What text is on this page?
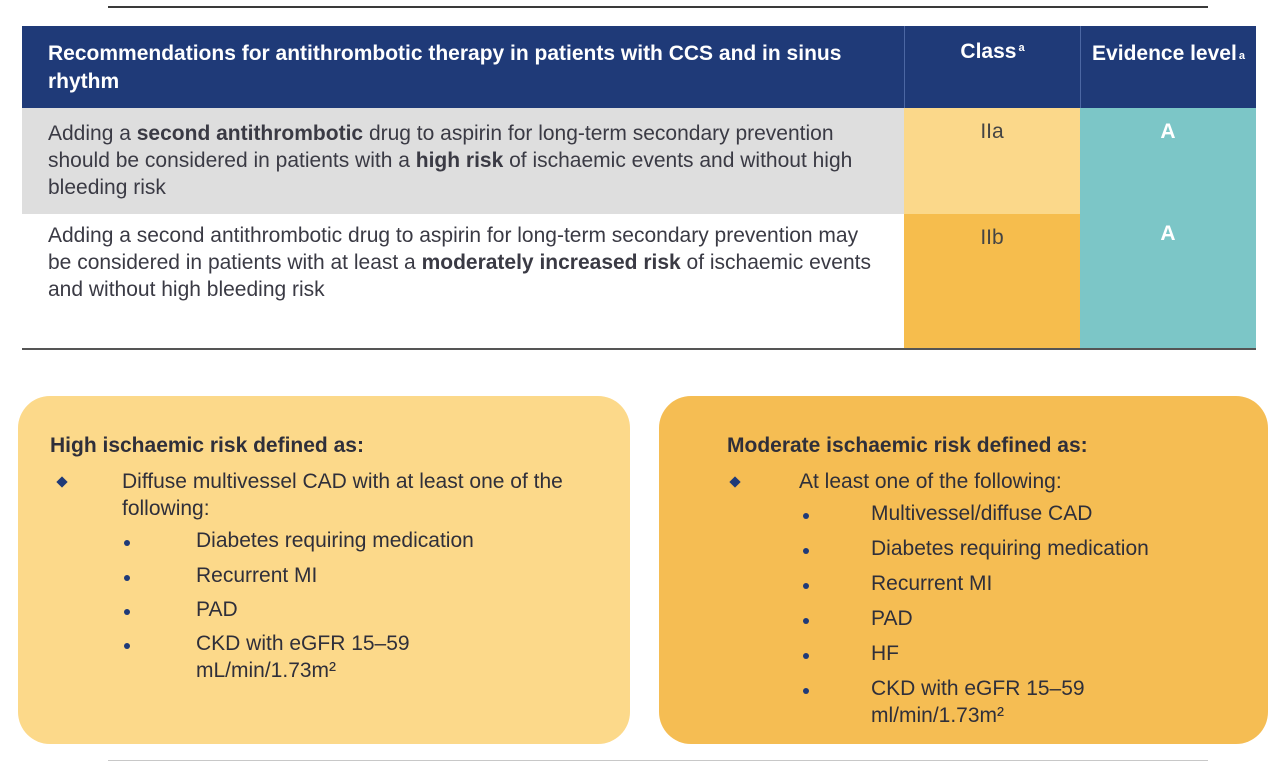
Recommendations for antithrombotic therapy in patients with CCS and in sinus rhythm
Class $^a$	Evidence level $^a$
Adding a second antithrombotic drug to aspirin for long-term secondary prevention should be considered in patients with a high risk of ischaemic events and without high bleeding risk
IIa	A
Adding a second antithrombotic drug to aspirin for long-term secondary prevention may be considered in patients with at least a moderately increased risk of ischaemic events and without high bleeding risk
IIb	A
High ischaemic risk defined as:
Diffuse multivessel CAD with at least one of the following:
Diabetes requiring medication
Recurrent MI
PAD
CKD with eGFR 15–59 mL/min/1.73m²
Moderate ischaemic risk defined as:
At least one of the following:
Multivessel/diffuse CAD
Diabetes requiring medication
Recurrent MI
PAD
HF
CKD with eGFR 15–59 ml/min/1.73m²
